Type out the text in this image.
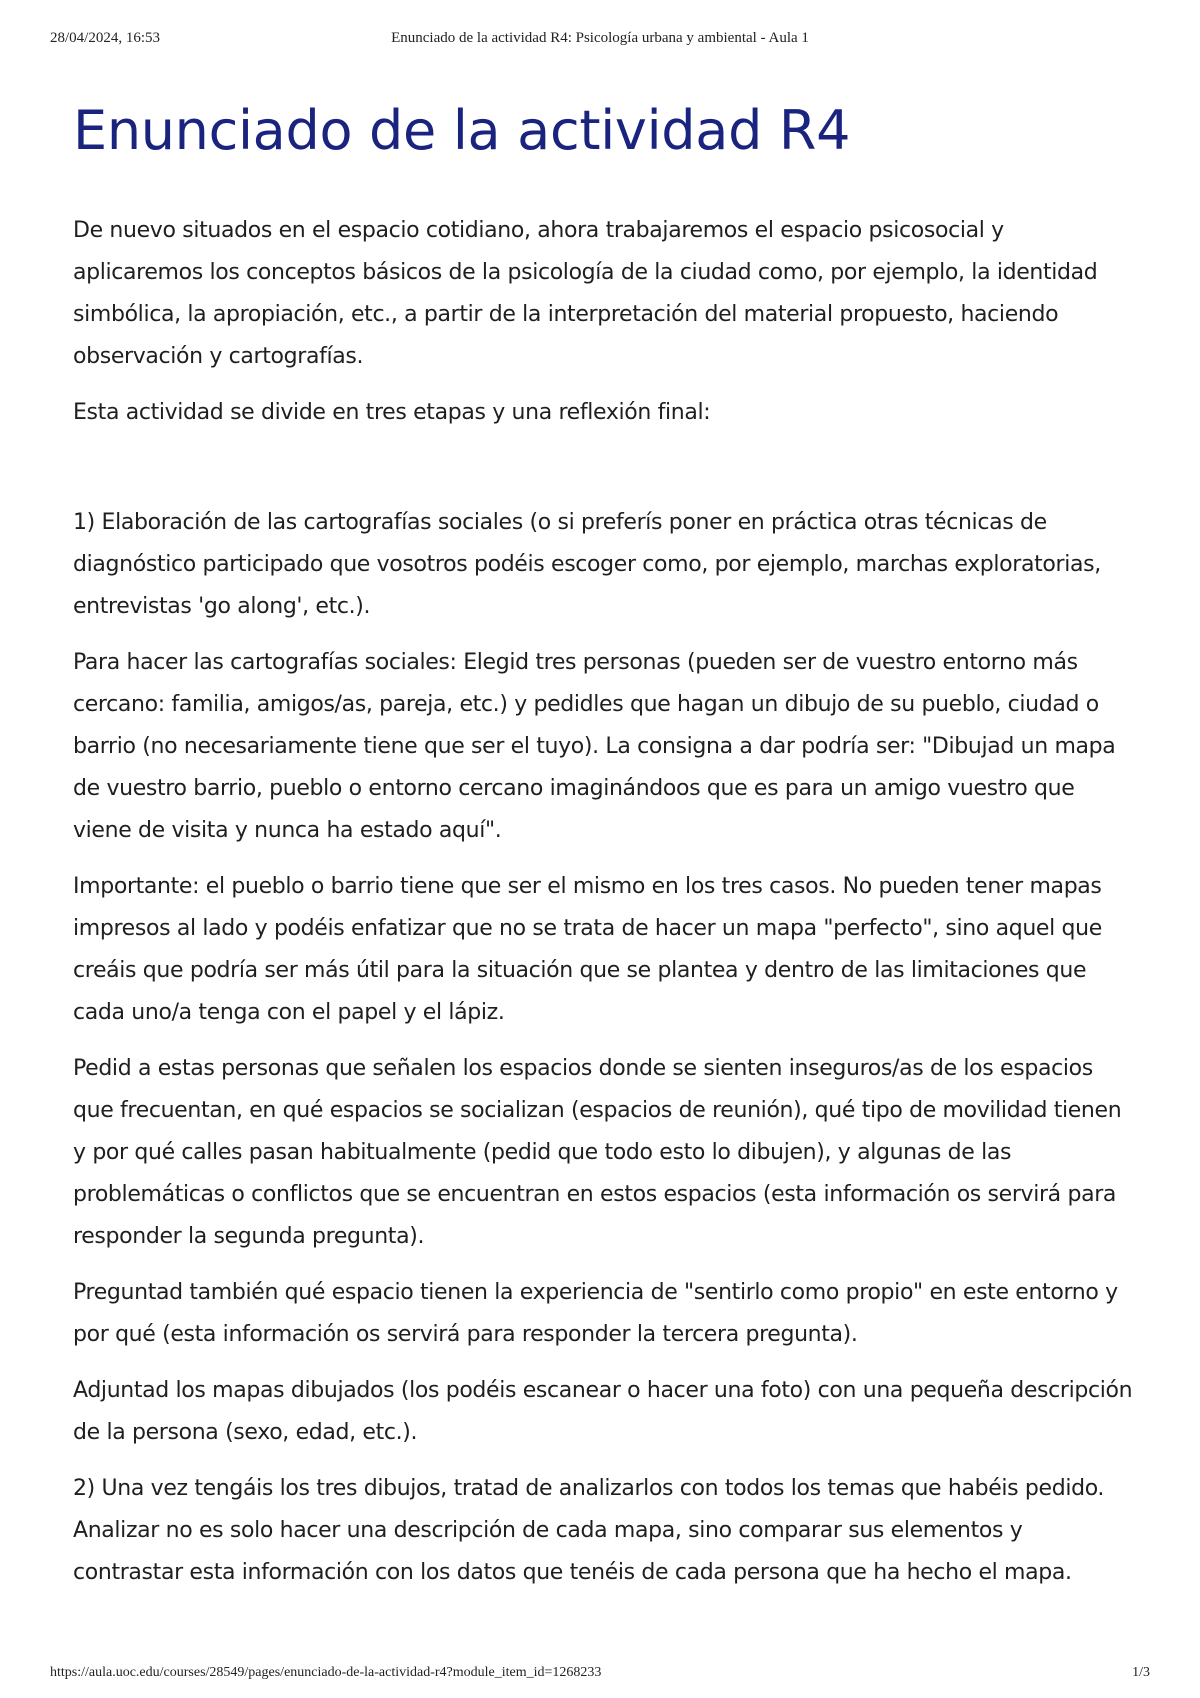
28/04/2024, 16:53	Enunciado de la actividad R4: Psicología urbana y ambiental - Aula 1
Enunciado de la actividad R4

De nuevo situados en el espacio cotidiano, ahora trabajaremos el espacio psicosocial y aplicaremos los conceptos básicos de la psicología de la ciudad como, por ejemplo, la identidad simbólica, la apropiación, etc., a partir de la interpretación del material propuesto, haciendo observación y cartografías.

Esta actividad se divide en tres etapas y una reflexión final:

1) Elaboración de las cartografías sociales (o si preferís poner en práctica otras técnicas de diagnóstico participado que vosotros podéis escoger como, por ejemplo, marchas exploratorias, entrevistas 'go along', etc.).

Para hacer las cartografías sociales: Elegid tres personas (pueden ser de vuestro entorno más cercano: familia, amigos/as, pareja, etc.) y pedidles que hagan un dibujo de su pueblo, ciudad o barrio (no necesariamente tiene que ser el tuyo). La consigna a dar podría ser: "Dibujad un mapa de vuestro barrio, pueblo o entorno cercano imaginándoos que es para un amigo vuestro que viene de visita y nunca ha estado aquí".

Importante: el pueblo o barrio tiene que ser el mismo en los tres casos. No pueden tener mapas impresos al lado y podéis enfatizar que no se trata de hacer un mapa "perfecto", sino aquel que creáis que podría ser más útil para la situación que se plantea y dentro de las limitaciones que cada uno/a tenga con el papel y el lápiz.

Pedid a estas personas que señalen los espacios donde se sienten inseguros/as de los espacios que frecuentan, en qué espacios se socializan (espacios de reunión), qué tipo de movilidad tienen y por qué calles pasan habitualmente (pedid que todo esto lo dibujen), y algunas de las problemáticas o conflictos que se encuentran en estos espacios (esta información os servirá para responder la segunda pregunta).

Preguntad también qué espacio tienen la experiencia de "sentirlo como propio" en este entorno y por qué (esta información os servirá para responder la tercera pregunta).

Adjuntad los mapas dibujados (los podéis escanear o hacer una foto) con una pequeña descripción de la persona (sexo, edad, etc.).

2) Una vez tengáis los tres dibujos, tratad de analizarlos con todos los temas que habéis pedido. Analizar no es solo hacer una descripción de cada mapa, sino comparar sus elementos y contrastar esta información con los datos que tenéis de cada persona que ha hecho el mapa.

https://aula.uoc.edu/courses/28549/pages/enunciado-de-la-actividad-r4?module_item_id=1268233	1/3
